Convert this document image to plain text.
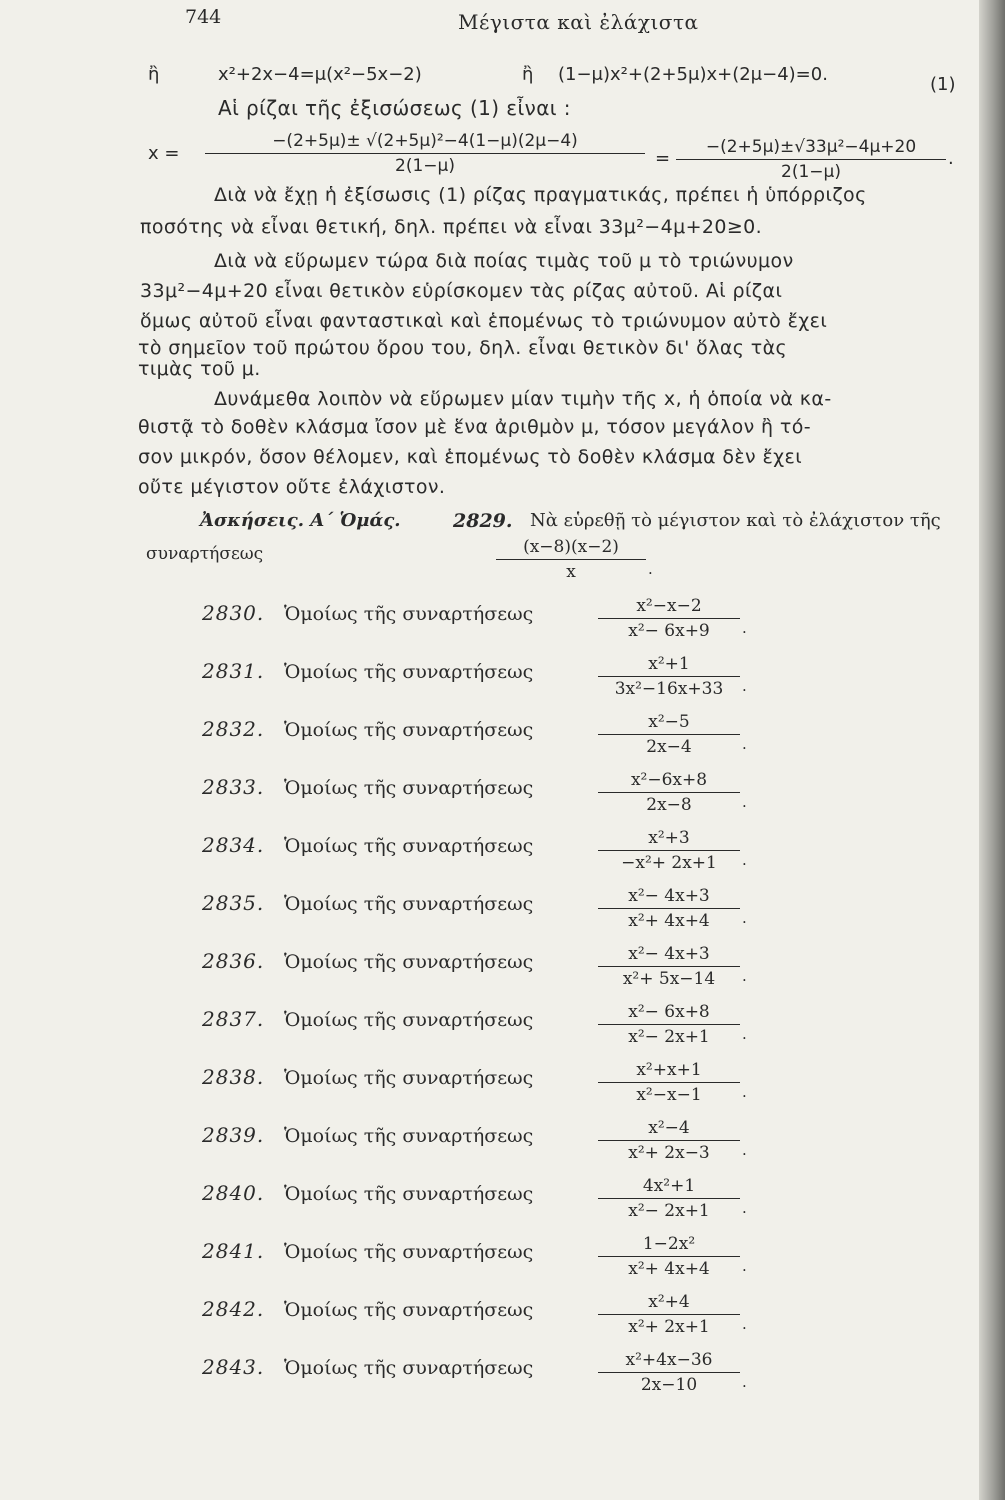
744	Μέγιστα καὶ ἐλάχιστα
ἢ	x²+2x−4=μ(x²−5x−2)	ἢ (1−μ)x²+(2+5μ)x+(2μ−4)=0.	(1)
Αἱ ρίζαι τῆς ἐξισώσεως (1) εἶναι :
x =
−(2+5μ)± √(2+5μ)²−4(1−μ)(2μ−4)
2(1−μ)	=
−(2+5μ)±√33μ²−4μ+20
2(1−μ)
.
Διὰ νὰ ἔχῃ ἡ ἐξίσωσις (1) ρίζας πραγματικάς, πρέπει ἡ ὑπόρριζος
ποσότης νὰ εἶναι θετική, δηλ. πρέπει νὰ εἶναι 33μ²−4μ+20≥0.
Διὰ νὰ εὕρωμεν τώρα διὰ ποίας τιμὰς τοῦ μ τὸ τριώνυμον
33μ²−4μ+20 εἶναι θετικὸν εὑρίσκομεν τὰς ρίζας αὐτοῦ. Αἱ ρίζαι
ὅμως αὐτοῦ εἶναι φανταστικαὶ καὶ ἑπομένως τὸ τριώνυμον αὐτὸ ἔχει
τὸ σημεῖον τοῦ πρώτου ὅρου του, δηλ. εἶναι θετικὸν δι' ὅλας τὰς
τιμὰς τοῦ μ.
Δυνάμεθα λοιπὸν νὰ εὕρωμεν μίαν τιμὴν τῆς x, ἡ ὁποία νὰ κα-
θιστᾷ τὸ δοθὲν κλάσμα ἴσον μὲ ἕνα ἀριθμὸν μ, τόσον μεγάλον ἢ τό-
σον μικρόν, ὅσον θέλομεν, καὶ ἑπομένως τὸ δοθὲν κλάσμα δὲν ἔχει
οὔτε μέγιστον οὔτε ἐλάχιστον.
Ἀσκήσεις. Α΄ Ὁμάς.	2829. Νὰ εὑρεθῇ τὸ μέγιστον καὶ τὸ ἐλάχιστον τῆς
συναρτήσεως	(x−8)(x−2)
x	.
2830. Ὁμοίως τῆς συναρτήσεως	x²−x−2
x²− 6x+9	.
2831. Ὁμοίως τῆς συναρτήσεως	x²+1
3x²−16x+33	.
2832. Ὁμοίως τῆς συναρτήσεως	x²−5
2x−4	.
2833. Ὁμοίως τῆς συναρτήσεως	x²−6x+8
2x−8	.
2834. Ὁμοίως τῆς συναρτήσεως	x²+3
−x²+ 2x+1	.
2835. Ὁμοίως τῆς συναρτήσεως	x²− 4x+3
x²+ 4x+4	.
2836. Ὁμοίως τῆς συναρτήσεως	x²− 4x+3
x²+ 5x−14	.
2837. Ὁμοίως τῆς συναρτήσεως	x²− 6x+8
x²− 2x+1	.
2838. Ὁμοίως τῆς συναρτήσεως	x²+x+1
x²−x−1	.
2839. Ὁμοίως τῆς συναρτήσεως	x²−4
x²+ 2x−3	.
2840. Ὁμοίως τῆς συναρτήσεως	4x²+1
x²− 2x+1	.
2841. Ὁμοίως τῆς συναρτήσεως	1−2x²
x²+ 4x+4	.
2842. Ὁμοίως τῆς συναρτήσεως	x²+4
x²+ 2x+1	.
2843. Ὁμοίως τῆς συναρτήσεως	x²+4x−36
2x−10	.
